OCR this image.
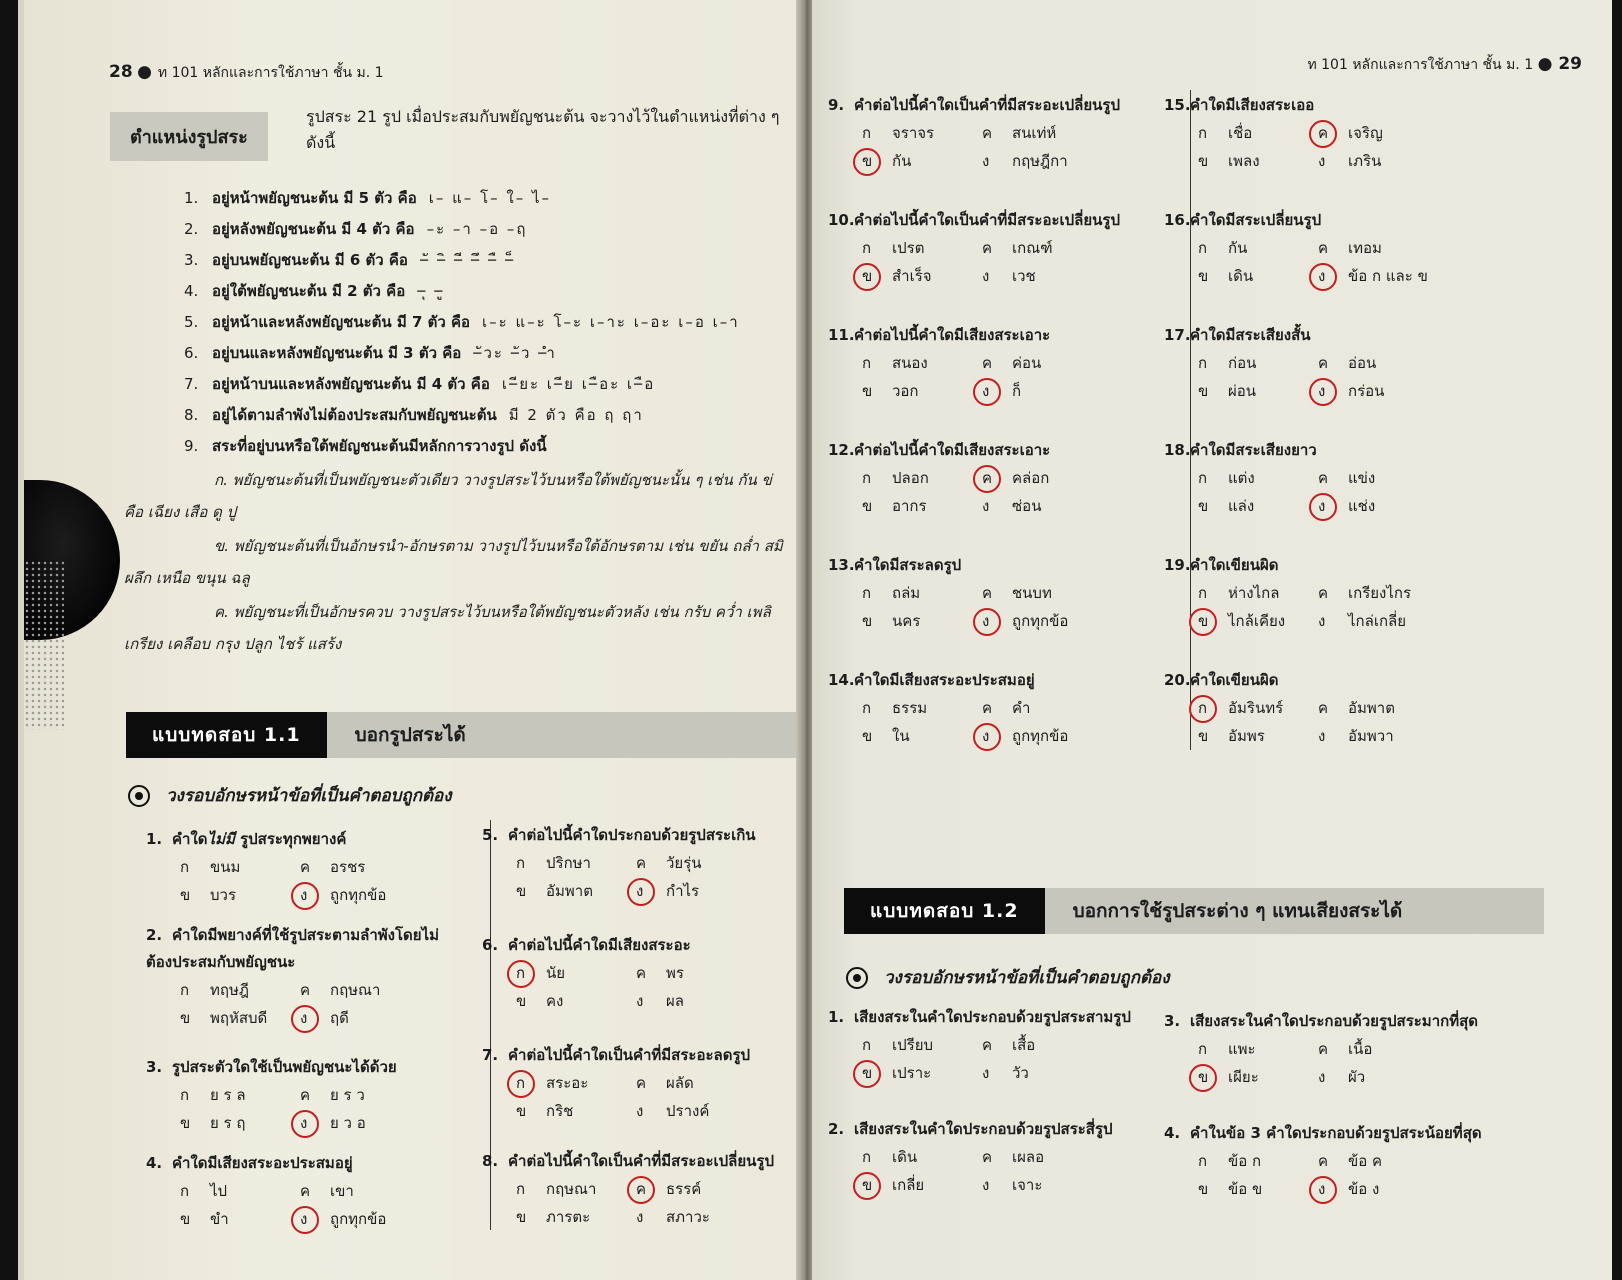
28 ● ท 101 หลักและการใช้ภาษา ชั้น ม. 1
ตำแหน่งรูปสระ
รูปสระ 21 รูป เมื่อประสมกับพยัญชนะต้น จะวางไว้ในตำแหน่งที่ต่าง ๆ
ดังนี้
1. อยู่หน้าพยัญชนะต้น มี 5 ตัว คือ เ– แ– โ– ใ– ไ–
2. อยู่หลังพยัญชนะต้น มี 4 ตัว คือ –ะ –า –อ –ฤ
3. อยู่บนพยัญชนะต้น มี 6 ตัว คือ –ั –ิ –ี –ึ –ื –็
4. อยู่ใต้พยัญชนะต้น มี 2 ตัว คือ –ุ –ู
5. อยู่หน้าและหลังพยัญชนะต้น มี 7 ตัว คือ เ–ะ แ–ะ โ–ะ เ–าะ เ–อะ เ–อ เ–า
6. อยู่บนและหลังพยัญชนะต้น มี 3 ตัว คือ –ัวะ –ัว –ำ
7. อยู่หน้าบนและหลังพยัญชนะต้น มี 4 ตัว คือ เ–ียะ เ–ีย เ–ือะ เ–ือ
8. อยู่ได้ตามลำพังไม่ต้องประสมกับพยัญชนะต้น มี 2 ตัว คือ ฤ ฤา
9. สระที่อยู่บนหรือใต้พยัญชนะต้นมีหลักการวางรูป ดังนี้
ก. พยัญชนะต้นที่เป็นพยัญชนะตัวเดียว วางรูปสระไว้บนหรือใต้พยัญชนะนั้น ๆ เช่น กัน ข่
คือ เฉียง เสือ ดู ปู
ข. พยัญชนะต้นที่เป็นอักษรนำ-อักษรตาม วางรูปไว้บนหรือใต้อักษรตาม เช่น ขยัน ถล่ำ สมิ
ผลึก เหนือ ขนุน ฉลู
ค. พยัญชนะที่เป็นอักษรควบ วางรูปสระไว้บนหรือใต้พยัญชนะตัวหลัง เช่น กรับ คว่ำ เพลิ
เกรียง เคลือบ กรุง ปลูก ไชร้ แสร้ง
แบบทดสอบ 1.1	บอกรูปสระได้
วงรอบอักษรหน้าข้อที่เป็นคำตอบถูกต้อง
1. คำใดไม่มี รูปสระทุกพยางค์
ก ขนม	ค อรชร
ข บวร	ง ถูกทุกข้อ
2. คำใดมีพยางค์ที่ใช้รูปสระตามลำพังโดยไม่
ต้องประสมกับพยัญชนะ
ก ทฤษฎี	ค กฤษณา
ข พฤหัสบดี	ง ฤดี
3. รูปสระตัวใดใช้เป็นพยัญชนะได้ด้วย
ก ย ร ล	ค ย ร ว
ข ย ร ฤ	ง ย ว อ
4. คำใดมีเสียงสระอะประสมอยู่
ก ไป	ค เขา
ข ขำ	ง ถูกทุกข้อ
5. คำต่อไปนี้คำใดประกอบด้วยรูปสระเกิน
ก ปริกษา	ค วัยรุ่น
ข อัมพาต	ง กำไร
6. คำต่อไปนี้คำใดมีเสียงสระอะ
ก นัย	ค พร
ข คง	ง ผล
7. คำต่อไปนี้คำใดเป็นคำที่มีสระอะลดรูป
ก สระอะ	ค ผลัด
ข กริช	ง ปรางค์
8. คำต่อไปนี้คำใดเป็นคำที่มีสระอะเปลี่ยนรูป
ก กฤษณา	ค ธรรค์
ข ภารตะ	ง สภาวะ
ท 101 หลักและการใช้ภาษา ชั้น ม. 1 ● 29
9. คำต่อไปนี้คำใดเป็นคำที่มีสระอะเปลี่ยนรูป
ก จราจร	ค สนเท่ห์
ข กัน	ง กฤษฎีกา
10.คำต่อไปนี้คำใดเป็นคำที่มีสระอะเปลี่ยนรูป
ก เปรต	ค เกณฑ์
ข สำเร็จ	ง เวช
11.คำต่อไปนี้คำใดมีเสียงสระเอาะ
ก สนอง	ค ค่อน
ข วอก	ง ก็
12.คำต่อไปนี้คำใดมีเสียงสระเอาะ
ก ปลอก	ค คล่อก
ข อากร	ง ซ่อน
13.คำใดมีสระลดรูป
ก ถล่ม	ค ชนบท
ข นคร	ง ถูกทุกข้อ
14.คำใดมีเสียงสระอะประสมอยู่
ก ธรรม	ค คำ
ข ใน	ง ถูกทุกข้อ
15.คำใดมีเสียงสระเออ
ก เชื่อ	ค เจริญ
ข เพลง	ง เภริน
16.คำใดมีสระเปลี่ยนรูป
ก กัน	ค เทอม
ข เดิน	ง ข้อ ก และ ข
17.คำใดมีสระเสียงสั้น
ก ก่อน	ค อ่อน
ข ผ่อน	ง กร่อน
18.คำใดมีสระเสียงยาว
ก แต่ง	ค แข่ง
ข แล่ง	ง แช่ง
19.คำใดเขียนผิด
ก ห่างไกล	ค เกรียงไกร
ข ไกล้เคียง	ง ไกล่เกลี่ย
20.คำใดเขียนผิด
ก อัมรินทร์	ค อัมพาต
ข อัมพร	ง อัมพวา
แบบทดสอบ 1.2	บอกการใช้รูปสระต่าง ๆ แทนเสียงสระได้
วงรอบอักษรหน้าข้อที่เป็นคำตอบถูกต้อง
1. เสียงสระในคำใดประกอบด้วยรูปสระสามรูป
ก เปรียบ	ค เสื้อ
ข เปราะ	ง วัว
2. เสียงสระในคำใดประกอบด้วยรูปสระสี่รูป
ก เดิน	ค เผลอ
ข เกลี่ย	ง เจาะ
3. เสียงสระในคำใดประกอบด้วยรูปสระมากที่สุด
ก แพะ	ค เนื้อ
ข เผียะ	ง ผัว
4. คำในข้อ 3 คำใดประกอบด้วยรูปสระน้อยที่สุด
ก ข้อ ก	ค ข้อ ค
ข ข้อ ข	ง ข้อ ง
